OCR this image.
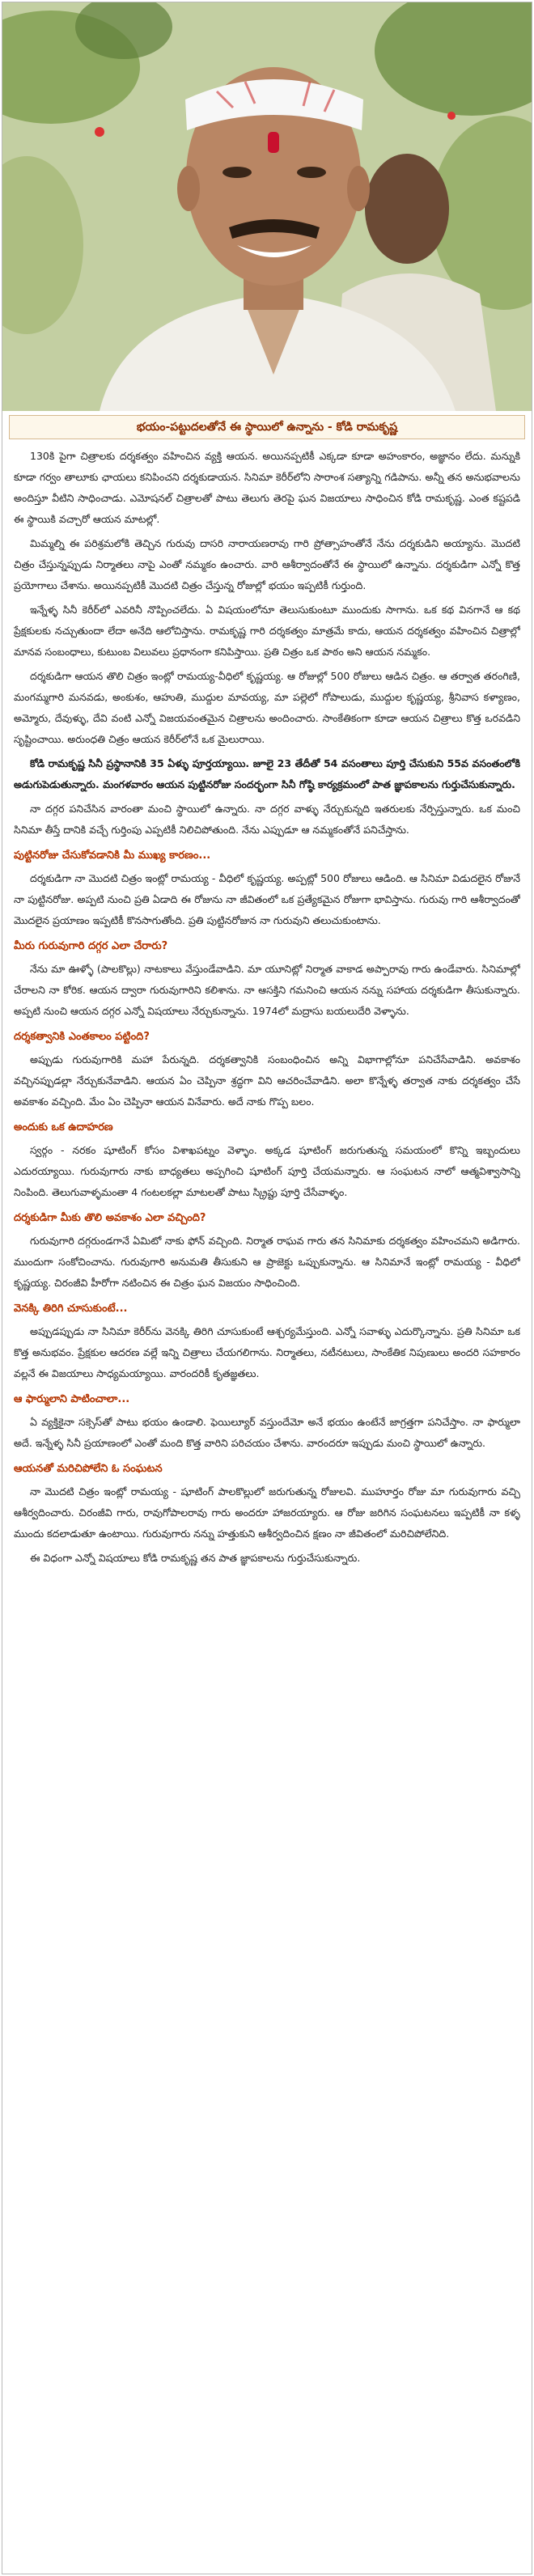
భయం-పట్టుదలతోనే ఈ స్థాయిలో ఉన్నాను - కోడి రామకృష్ణ

130కి పైగా చిత్రాలకు దర్శకత్వం వహించిన వ్యక్తి ఆయన. అయినప్పటికీ ఎక్కడా కూడా అహంకారం, అజ్ఞానం లేదు. మన్నుకి కూడా గర్వం తాలూకు ఛాయలు కనిపించని దర్శకుడాయన. సినిమా కెరీర్‌లోని సారాంశ సత్యాన్ని గడిపాను. అన్నీ తన అనుభవాలను అందిస్తూ వీటిని సాధించాడు. ఎమోషనల్ చిత్రాలతో పాటు తెలుగు తెరపై ఘన విజయాలు సాధించిన కోడి రామకృష్ణ. ఎంత కష్టపడి ఈ స్థాయికి వచ్చారో ఆయన మాటల్లో.

మిమ్మల్ని ఈ పరిశ్రమలోకి తెచ్చిన గురువు దాసరి నారాయణరావు గారి ప్రోత్సాహంతోనే నేను దర్శకుడిని అయ్యాను. మొదటి చిత్రం చేస్తున్నప్పుడు నిర్మాతలు నాపై ఎంతో నమ్మకం ఉంచారు. వారి ఆశీర్వాదంతోనే ఈ స్థాయిలో ఉన్నాను. దర్శకుడిగా ఎన్నో కొత్త ప్రయోగాలు చేశాను. అయినప్పటికీ మొదటి చిత్రం చేస్తున్న రోజుల్లో భయం ఇప్పటికీ గుర్తుంది.

ఇన్నేళ్ళ సినీ కెరీర్‌లో ఎవరినీ నొప్పించలేదు. ఏ విషయంలోనూ తెలుసుకుంటూ ముందుకు సాగాను. ఒక కథ వినగానే ఆ కథ ప్రేక్షకులకు నచ్చుతుందా లేదా అనేది ఆలోచిస్తాను. రామకృష్ణ గారి దర్శకత్వం మాత్రమే కాదు, ఆయన దర్శకత్వం వహించిన చిత్రాల్లో మానవ సంబంధాలు, కుటుంబ విలువలు ప్రధానంగా కనిపిస్తాయి. ప్రతి చిత్రం ఒక పాఠం అని ఆయన నమ్మకం.

దర్శకుడిగా ఆయన తొలి చిత్రం ఇంట్లో రామయ్య-వీధిలో కృష్ణయ్య. ఆ రోజుల్లో 500 రోజులు ఆడిన చిత్రం. ఆ తర్వాత తరంగిణి, మంగమ్మగారి మనవడు, అంకుశం, ఆహుతి, ముద్దుల మావయ్య, మా పల్లెలో గోపాలుడు, ముద్దుల కృష్ణయ్య, శ్రీనివాస కళ్యాణం, అమ్మోరు, దేవుళ్ళు, దేవి వంటి ఎన్నో విజయవంతమైన చిత్రాలను అందించారు. సాంకేతికంగా కూడా ఆయన చిత్రాలు కొత్త ఒరవడిని సృష్టించాయి. అరుంధతి చిత్రం ఆయన కెరీర్‌లోనే ఒక మైలురాయి.

కోడి రామకృష్ణ సినీ ప్రస్థానానికి 35 ఏళ్ళు పూర్తయ్యాయి. జూలై 23 తేదీతో 54 వసంతాలు పూర్తి చేసుకుని 55వ వసంతంలోకి అడుగుపెడుతున్నారు. మంగళవారం ఆయన పుట్టినరోజు సందర్భంగా సినీ గోష్ఠి కార్యక్రమంలో పాత జ్ఞాపకాలను గుర్తుచేసుకున్నారు.

నా దగ్గర పనిచేసిన వారంతా మంచి స్థాయిలో ఉన్నారు. నా దగ్గర వాళ్ళు నేర్చుకున్నది ఇతరులకు నేర్పిస్తున్నారు. ఒక మంచి సినిమా తీస్తే దానికి వచ్చే గుర్తింపు ఎప్పటికీ నిలిచిపోతుంది. నేను ఎప్పుడూ ఆ నమ్మకంతోనే పనిచేస్తాను.

పుట్టినరోజు చేసుకోవడానికి మీ ముఖ్య కారణం...

దర్శకుడిగా నా మొదటి చిత్రం ఇంట్లో రామయ్య - వీధిలో కృష్ణయ్య. అప్పట్లో 500 రోజులు ఆడింది. ఆ సినిమా విడుదలైన రోజునే నా పుట్టినరోజు. అప్పటి నుంచి ప్రతి ఏడాది ఈ రోజును నా జీవితంలో ఒక ప్రత్యేకమైన రోజుగా భావిస్తాను. గురువు గారి ఆశీర్వాదంతో మొదలైన ప్రయాణం ఇప్పటికీ కొనసాగుతోంది. ప్రతి పుట్టినరోజున నా గురువుని తలుచుకుంటాను.

మీరు గురువుగారి దగ్గర ఎలా చేరారు?

నేను మా ఊళ్ళో (పాలకొల్లు) నాటకాలు వేస్తుండేవాడిని. మా యూనిట్లో నిర్మాత వాకాడ అప్పారావు గారు ఉండేవారు. సినిమాల్లో చేరాలని నా కోరిక. ఆయన ద్వారా గురువుగారిని కలిశాను. నా ఆసక్తిని గమనించి ఆయన నన్ను సహాయ దర్శకుడిగా తీసుకున్నారు. అప్పటి నుంచి ఆయన దగ్గర ఎన్నో విషయాలు నేర్చుకున్నాను. 1974లో మద్రాసు బయలుదేరి వెళ్ళాను.

దర్శకత్వానికి ఎంతకాలం పట్టింది?

అప్పుడు గురువుగారికి మహా పేరున్నది. దర్శకత్వానికి సంబంధించిన అన్ని విభాగాల్లోనూ పనిచేసేవాడిని. అవకాశం వచ్చినప్పుడల్లా నేర్చుకునేవాడిని. ఆయన ఏం చెప్పినా శ్రద్ధగా విని ఆచరించేవాడిని. అలా కొన్నేళ్ళ తర్వాత నాకు దర్శకత్వం చేసే అవకాశం వచ్చింది. మేం ఏం చెప్పినా ఆయన వినేవారు. అదే నాకు గొప్ప బలం.

అందుకు ఒక ఉదాహరణ

స్వర్గం - నరకం షూటింగ్ కోసం విశాఖపట్నం వెళ్ళాం. అక్కడ షూటింగ్ జరుగుతున్న సమయంలో కొన్ని ఇబ్బందులు ఎదురయ్యాయి. గురువుగారు నాకు బాధ్యతలు అప్పగించి షూటింగ్ పూర్తి చేయమన్నారు. ఆ సంఘటన నాలో ఆత్మవిశ్వాసాన్ని నింపింది. తెలుగువాళ్ళమంతా 4 గంటలకల్లా మాటలతో పాటు స్క్రిప్టు పూర్తి చేసేవాళ్ళం.

దర్శకుడిగా మీకు తొలి అవకాశం ఎలా వచ్చింది?

గురువుగారి దగ్గరుండగానే ఏమిటో నాకు ఫోన్ వచ్చింది. నిర్మాత రాఘవ గారు తన సినిమాకు దర్శకత్వం వహించమని అడిగారు. ముందుగా సంకోచించాను. గురువుగారి అనుమతి తీసుకుని ఆ ప్రాజెక్టు ఒప్పుకున్నాను. ఆ సినిమానే ఇంట్లో రామయ్య - వీధిలో కృష్ణయ్య. చిరంజీవి హీరోగా నటించిన ఈ చిత్రం ఘన విజయం సాధించింది.

వెనక్కి తిరిగి చూసుకుంటే...

అప్పుడప్పుడు నా సినిమా కెరీర్‌ను వెనక్కి తిరిగి చూసుకుంటే ఆశ్చర్యమేస్తుంది. ఎన్నో సవాళ్ళు ఎదుర్కొన్నాను. ప్రతి సినిమా ఒక కొత్త అనుభవం. ప్రేక్షకుల ఆదరణ వల్లే ఇన్ని చిత్రాలు చేయగలిగాను. నిర్మాతలు, నటీనటులు, సాంకేతిక నిపుణులు అందరి సహకారం వల్లనే ఈ విజయాలు సాధ్యమయ్యాయి. వారందరికీ కృతజ్ఞతలు.

ఆ ఫార్ములాని పాటించాలా...

ఏ వ్యక్తికైనా సక్సెస్‌తో పాటు భయం ఉండాలి. ఫెయిల్యూర్ వస్తుందేమో అనే భయం ఉంటేనే జాగ్రత్తగా పనిచేస్తాం. నా ఫార్ములా అదే. ఇన్నేళ్ళ సినీ ప్రయాణంలో ఎంతో మంది కొత్త వారిని పరిచయం చేశాను. వారందరూ ఇప్పుడు మంచి స్థాయిలో ఉన్నారు.

ఆయనతో మరిచిపోలేని ఓ సంఘటన

నా మొదటి చిత్రం ఇంట్లో రామయ్య - షూటింగ్ పాలకొల్లులో జరుగుతున్న రోజులవి. ముహూర్తం రోజు మా గురువుగారు వచ్చి ఆశీర్వదించారు. చిరంజీవి గారు, రావుగోపాలరావు గారు అందరూ హాజరయ్యారు. ఆ రోజు జరిగిన సంఘటనలు ఇప్పటికీ నా కళ్ళ ముందు కదలాడుతూ ఉంటాయి. గురువుగారు నన్ను హత్తుకుని ఆశీర్వదించిన క్షణం నా జీవితంలో మరిచిపోలేనిది.

ఈ విధంగా ఎన్నో విషయాలు కోడి రామకృష్ణ తన పాత జ్ఞాపకాలను గుర్తుచేసుకున్నారు.
